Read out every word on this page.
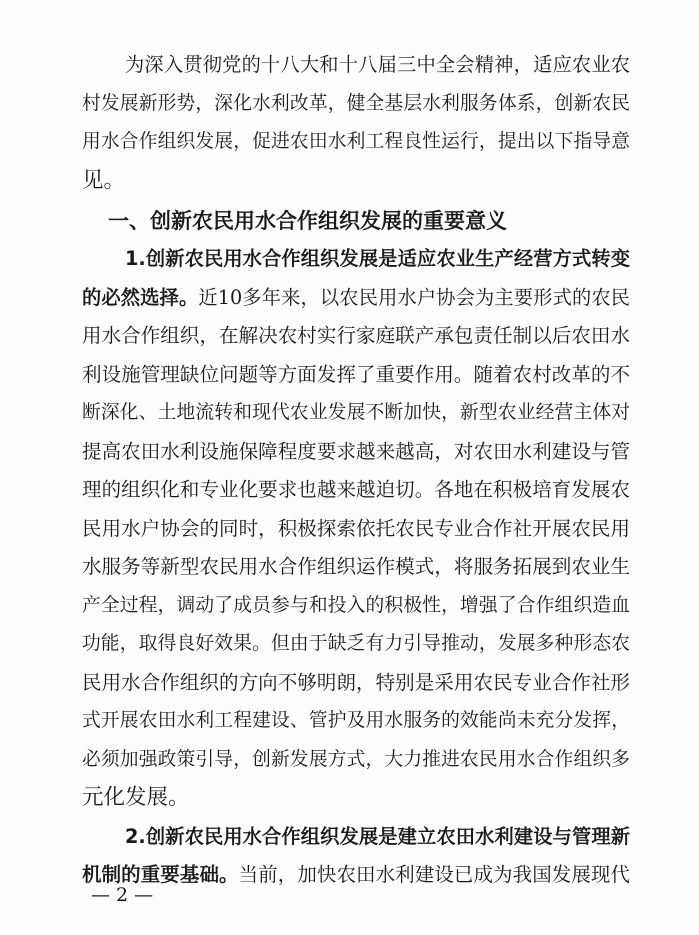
为深入贯彻党的十八大和十八届三中全会精神，适应农业农
村发展新形势，深化水利改革，健全基层水利服务体系，创新农民
用水合作组织发展，促进农田水利工程良性运行，提出以下指导意
见。
一、创新农民用水合作组织发展的重要意义
1.创新农民用水合作组织发展是适应农业生产经营方式转变
的必然选择。近10多年来，以农民用水户协会为主要形式的农民
用水合作组织，在解决农村实行家庭联产承包责任制以后农田水
利设施管理缺位问题等方面发挥了重要作用。随着农村改革的不
断深化、土地流转和现代农业发展不断加快，新型农业经营主体对
提高农田水利设施保障程度要求越来越高，对农田水利建设与管
理的组织化和专业化要求也越来越迫切。各地在积极培育发展农
民用水户协会的同时，积极探索依托农民专业合作社开展农民用
水服务等新型农民用水合作组织运作模式，将服务拓展到农业生
产全过程，调动了成员参与和投入的积极性，增强了合作组织造血
功能，取得良好效果。但由于缺乏有力引导推动，发展多种形态农
民用水合作组织的方向不够明朗，特别是采用农民专业合作社形
式开展农田水利工程建设、管护及用水服务的效能尚未充分发挥，
必须加强政策引导，创新发展方式，大力推进农民用水合作组织多
元化发展。
2.创新农民用水合作组织发展是建立农田水利建设与管理新
机制的重要基础。当前，加快农田水利建设已成为我国发展现代
— 2 —
